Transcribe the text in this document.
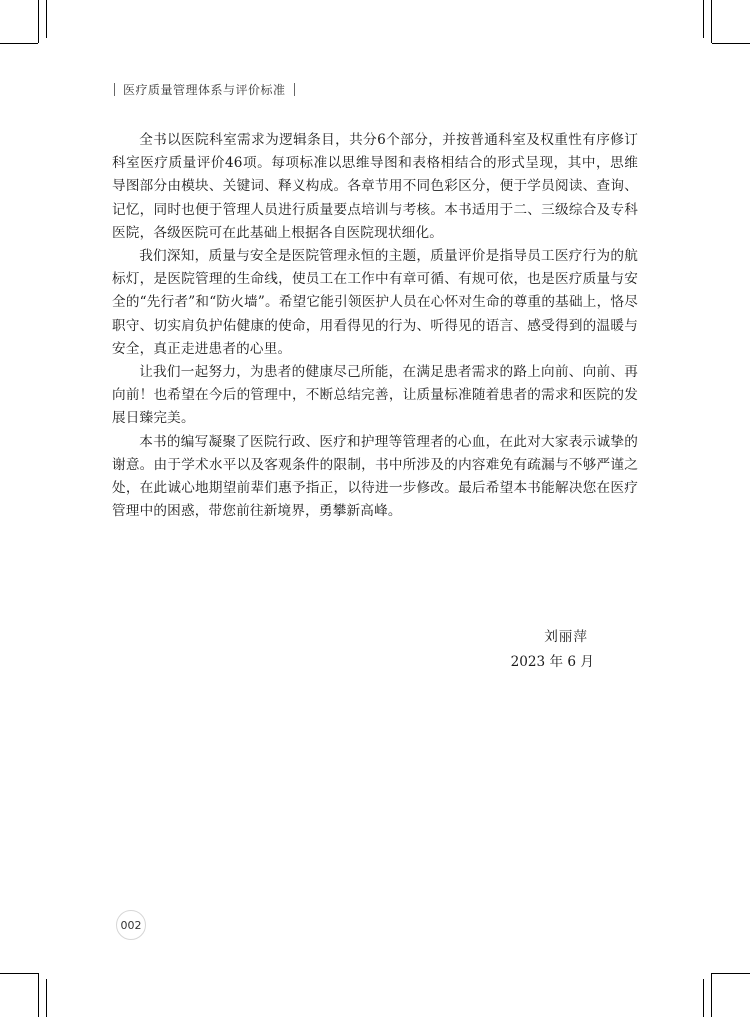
医疗质量管理体系与评价标准

全书以医院科室需求为逻辑条目，共分6个部分，并按普通科室及权重性有序修订科室医疗质量评价46项。每项标准以思维导图和表格相结合的形式呈现，其中，思维导图部分由模块、关键词、释义构成。各章节用不同色彩区分，便于学员阅读、查询、记忆，同时也便于管理人员进行质量要点培训与考核。本书适用于二、三级综合及专科医院，各级医院可在此基础上根据各自医院现状细化。

我们深知，质量与安全是医院管理永恒的主题，质量评价是指导员工医疗行为的航标灯，是医院管理的生命线，使员工在工作中有章可循、有规可依，也是医疗质量与安全的“先行者”和“防火墙”。希望它能引领医护人员在心怀对生命的尊重的基础上，恪尽职守、切实肩负护佑健康的使命，用看得见的行为、听得见的语言、感受得到的温暖与安全，真正走进患者的心里。

让我们一起努力，为患者的健康尽己所能，在满足患者需求的路上向前、向前、再向前！也希望在今后的管理中，不断总结完善，让质量标准随着患者的需求和医院的发展日臻完美。

本书的编写凝聚了医院行政、医疗和护理等管理者的心血，在此对大家表示诚挚的谢意。由于学术水平以及客观条件的限制，书中所涉及的内容难免有疏漏与不够严谨之处，在此诚心地期望前辈们惠予指正，以待进一步修改。最后希望本书能解决您在医疗管理中的困惑，带您前往新境界，勇攀新高峰。

刘丽萍
2023 年 6 月
002
